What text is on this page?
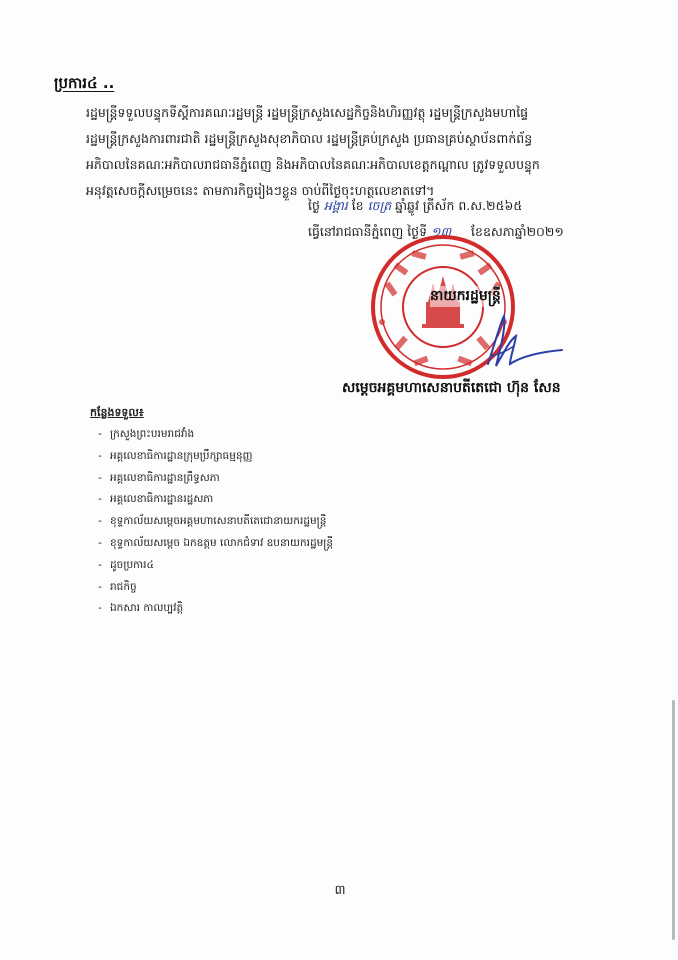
ប្រការ៤ ..
រដ្ឋមន្ត្រីទទួលបន្ទុកទីស្តីការគណៈរដ្ឋមន្ត្រី រដ្ឋមន្ត្រីក្រសួងសេដ្ឋកិច្ចនិងហិរញ្ញវត្ថុ រដ្ឋមន្ត្រីក្រសួងមហាផ្ទៃ
រដ្ឋមន្ត្រីក្រសួងការពារជាតិ រដ្ឋមន្ត្រីក្រសួងសុខាភិបាល រដ្ឋមន្ត្រីគ្រប់ក្រសួង ប្រធានគ្រប់ស្ថាប័នពាក់ព័ន្ធ
អភិបាលនៃគណៈអភិបាលរាជធានីភ្នំពេញ និងអភិបាលនៃគណៈអភិបាលខេត្តកណ្តាល ត្រូវទទួលបន្ទុក
អនុវត្តសេចក្តីសម្រេចនេះ តាមភារកិច្ចរៀងៗខ្លួន ចាប់ពីថ្ងៃចុះហត្ថលេខាតទៅ។
ថ្ងៃ អង្គារ ខែ ចេត្រ ឆ្នាំឆ្លូវ ត្រីស័ក ព.ស.២៥៦៥
ធ្វើនៅរាជធានីភ្នំពេញ ថ្ងៃទី ១៣ ខែឧសភាឆ្នាំ២០២១
នាយករដ្ឋមន្ត្រី
សម្តេចអគ្គមហាសេនាបតីតេជោ ហ៊ុន សែន
កន្លែងទទួល៖
- ក្រសួងព្រះបរមរាជវាំង
- អគ្គលេខាធិការដ្ឋានក្រុមប្រឹក្សាធម្មនុញ្ញ
- អគ្គលេខាធិការដ្ឋានព្រឹទ្ធសភា
- អគ្គលេខាធិការដ្ឋានរដ្ឋសភា
- ខុទ្ទកាល័យសម្តេចអគ្គមហាសេនាបតីតេជោនាយករដ្ឋមន្ត្រី
- ខុទ្ទកាល័យសម្តេច ឯកឧត្តម លោកជំទាវ ឧបនាយករដ្ឋមន្ត្រី
- ដូចប្រការ៤
- រាជកិច្ច
- ឯកសារ កាលប្បវត្តិ
៣
